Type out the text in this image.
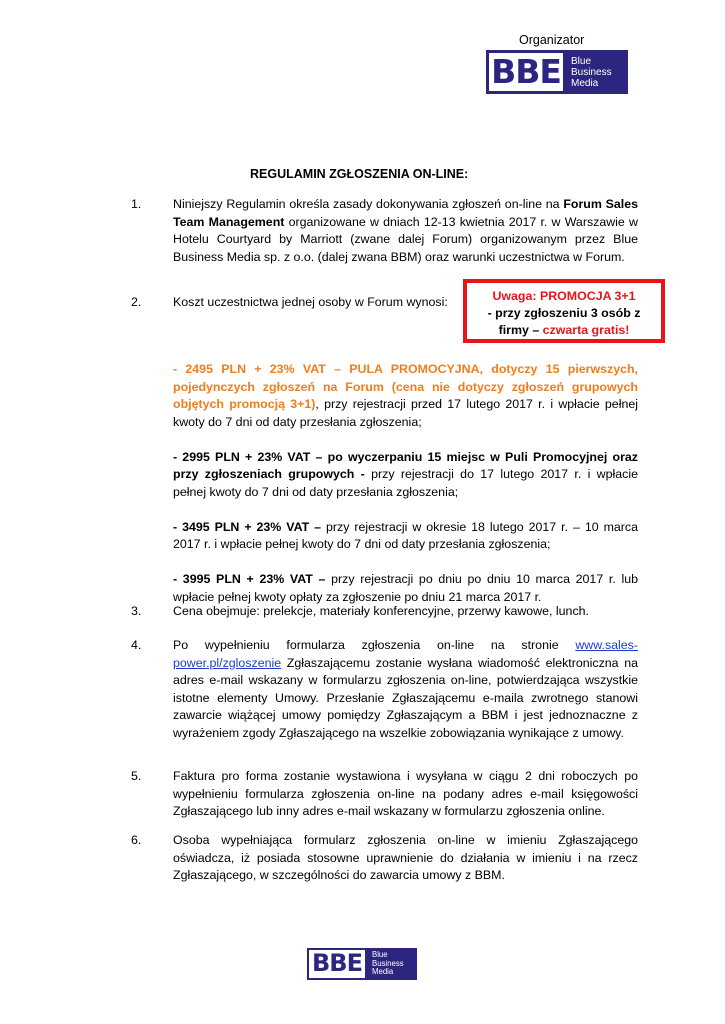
Organizator
BBE	Blue
Business
Media
REGULAMIN ZGŁOSZENIA ON-LINE:
1.	Niniejszy Regulamin określa zasady dokonywania zgłoszeń on-line na Forum Sales Team Management organizowane w dniach 12-13 kwietnia 2017 r. w Warszawie w Hotelu Courtyard by Marriott (zwane dalej Forum) organizowanym przez Blue Business Media sp. z o.o. (dalej zwana BBM) oraz warunki uczestnictwa w Forum.
2.	Koszt uczestnictwa jednej osoby w Forum wynosi:	Uwaga: PROMOCJA 3+1
- przy zgłoszeniu 3 osób z
firmy – czwarta gratis!
- 2495 PLN + 23% VAT – PULA PROMOCYJNA, dotyczy 15 pierwszych, pojedynczych zgłoszeń na Forum (cena nie dotyczy zgłoszeń grupowych objętych promocją 3+1), przy rejestracji przed 17 lutego 2017 r. i wpłacie pełnej kwoty do 7 dni od daty przesłania zgłoszenia;
- 2995 PLN + 23% VAT – po wyczerpaniu 15 miejsc w Puli Promocyjnej oraz przy zgłoszeniach grupowych - przy rejestracji do 17 lutego 2017 r. i wpłacie pełnej kwoty do 7 dni od daty przesłania zgłoszenia;
- 3495 PLN + 23% VAT – przy rejestracji w okresie 18 lutego 2017 r. – 10 marca 2017 r. i wpłacie pełnej kwoty do 7 dni od daty przesłania zgłoszenia;
- 3995 PLN + 23% VAT – przy rejestracji po dniu po dniu 10 marca 2017 r. lub wpłacie pełnej kwoty opłaty za zgłoszenie po dniu 21 marca 2017 r.
3.	Cena obejmuje: prelekcje, materiały konferencyjne, przerwy kawowe, lunch.
4.	Po wypełnieniu formularza zgłoszenia on-line na stronie www.sales-power.pl/zgloszenie Zgłaszającemu zostanie wysłana wiadomość elektroniczna na adres e-mail wskazany w formularzu zgłoszenia on-line, potwierdzająca wszystkie istotne elementy Umowy. Przesłanie Zgłaszającemu e-maila zwrotnego stanowi zawarcie wiążącej umowy pomiędzy Zgłaszającym a BBM i jest jednoznaczne z wyrażeniem zgody Zgłaszającego na wszelkie zobowiązania wynikające z umowy.
5.	Faktura pro forma zostanie wystawiona i wysyłana w ciągu 2 dni roboczych po wypełnieniu formularza zgłoszenia on-line na podany adres e-mail księgowości Zgłaszającego lub inny adres e-mail wskazany w formularzu zgłoszenia online.
6.	Osoba wypełniająca formularz zgłoszenia on-line w imieniu Zgłaszającego oświadcza, iż posiada stosowne uprawnienie do działania w imieniu i na rzecz Zgłaszającego, w szczególności do zawarcia umowy z BBM.
BBE	Blue
Business
Media
